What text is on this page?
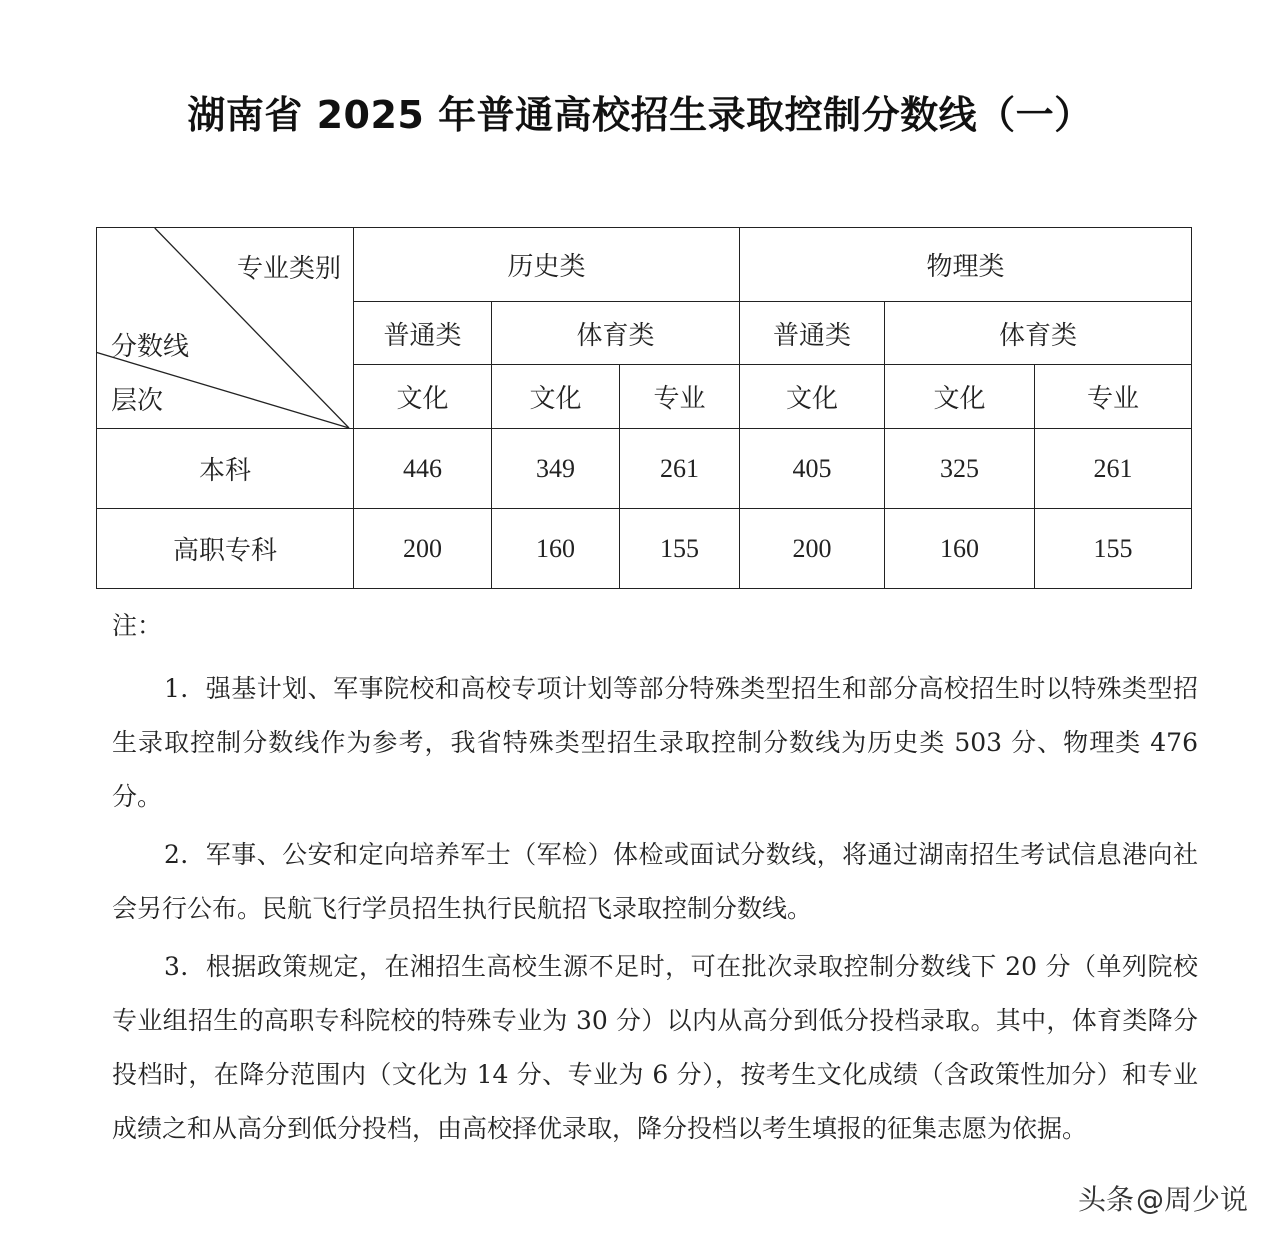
湖南省 2025 年普通高校招生录取控制分数线（一）
专业类别
分数线
层次	历史类			物理类		
	普通类	体育类		普通类	体育类	
	文化	文化	专业	文化	文化	专业
本科	446	349	261	405	325	261
高职专科	200	160	155	200	160	155

注：

1．强基计划、军事院校和高校专项计划等部分特殊类型招生和部分高校招生时以特殊类型招生录取控制分数线作为参考，我省特殊类型招生录取控制分数线为历史类 503 分、物理类 476 分。

2．军事、公安和定向培养军士（军检）体检或面试分数线，将通过湖南招生考试信息港向社会另行公布。民航飞行学员招生执行民航招飞录取控制分数线。

3．根据政策规定，在湘招生高校生源不足时，可在批次录取控制分数线下 20 分（单列院校专业组招生的高职专科院校的特殊专业为 30 分）以内从高分到低分投档录取。其中，体育类降分投档时，在降分范围内（文化为 14 分、专业为 6 分），按考生文化成绩（含政策性加分）和专业成绩之和从高分到低分投档，由高校择优录取，降分投档以考生填报的征集志愿为依据。

头条 @周少说
